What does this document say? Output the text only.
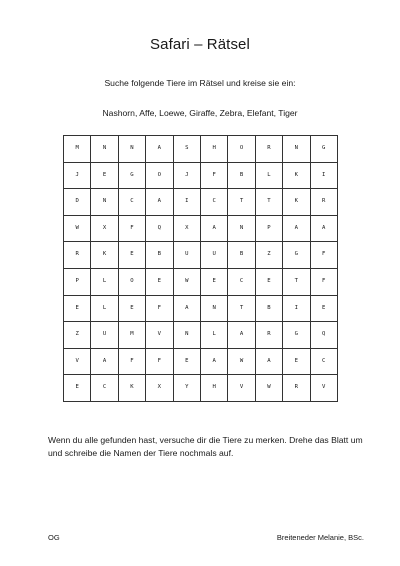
Safari – Rätsel
Suche folgende Tiere im Rätsel und kreise sie ein:
Nashorn, Affe, Loewe, Giraffe, Zebra, Elefant, Tiger
M	N	N	A	S	H	O	R	N	G
J	E	G	O	J	F	B	L	K	I
D	N	C	A	I	C	T	T	K	R
W	X	F	Q	X	A	N	P	A	A
R	K	E	B	U	U	B	Z	G	F
P	L	O	E	W	E	C	E	T	F
E	L	E	F	A	N	T	B	I	E
Z	U	M	V	N	L	A	R	G	Q
V	A	F	F	E	A	W	A	E	C
E	C	K	X	Y	H	V	W	R	V
Wenn du alle gefunden hast, versuche dir die Tiere zu merken. Drehe das Blatt um und schreibe die Namen der Tiere nochmals auf.
OG	Breiteneder Melanie, BSc.
